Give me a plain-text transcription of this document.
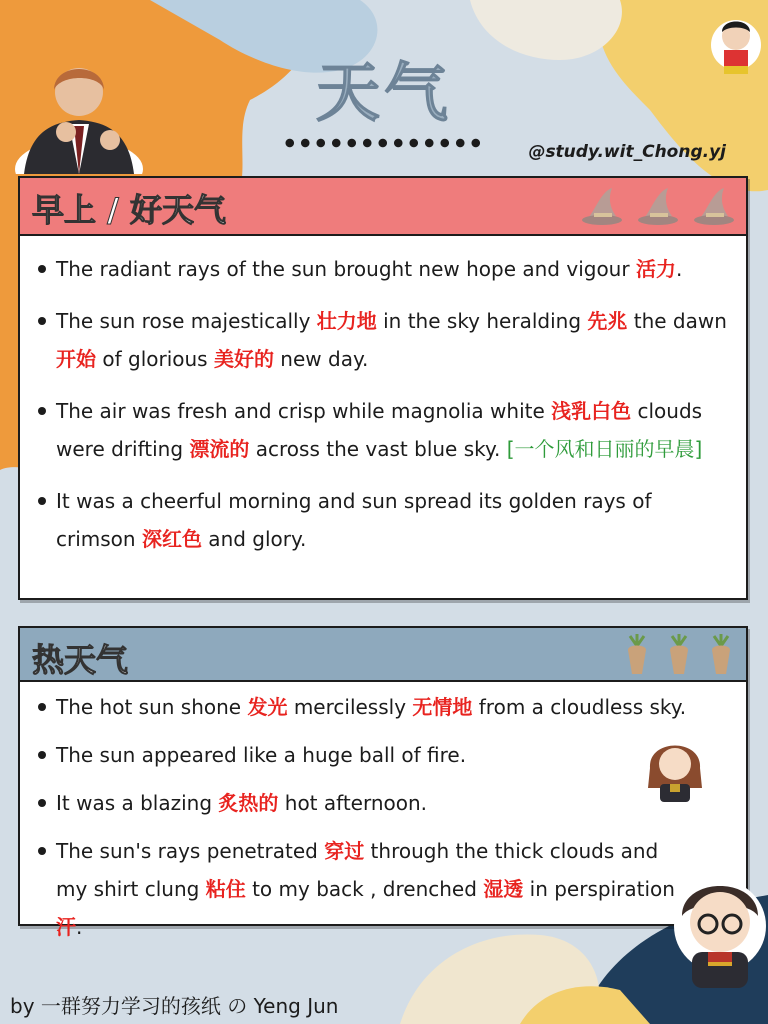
天气
@study.wit_Chong.yj
早上 / 好天气
The radiant rays of the sun brought new hope and vigour 活力.
The sun rose majestically 壮力地 in the sky heralding 先兆 the dawn 开始 of glorious 美好的 new day.
The air was fresh and crisp while magnolia white 浅乳白色 clouds were drifting 漂流的 across the vast blue sky. [一个风和日丽的早晨]
It was a cheerful morning and sun spread its golden rays of crimson 深红色 and glory.
热天气
The hot sun shone 发光 mercilessly 无情地 from a cloudless sky.
The sun appeared like a huge ball of fire.
It was a blazing 炙热的 hot afternoon.
The sun's rays penetrated 穿过 through the thick clouds and my shirt clung 粘住 to my back , drenched 湿透 in perspiration 汗.
by 一群努力学习的孩纸 の Yeng Jun
